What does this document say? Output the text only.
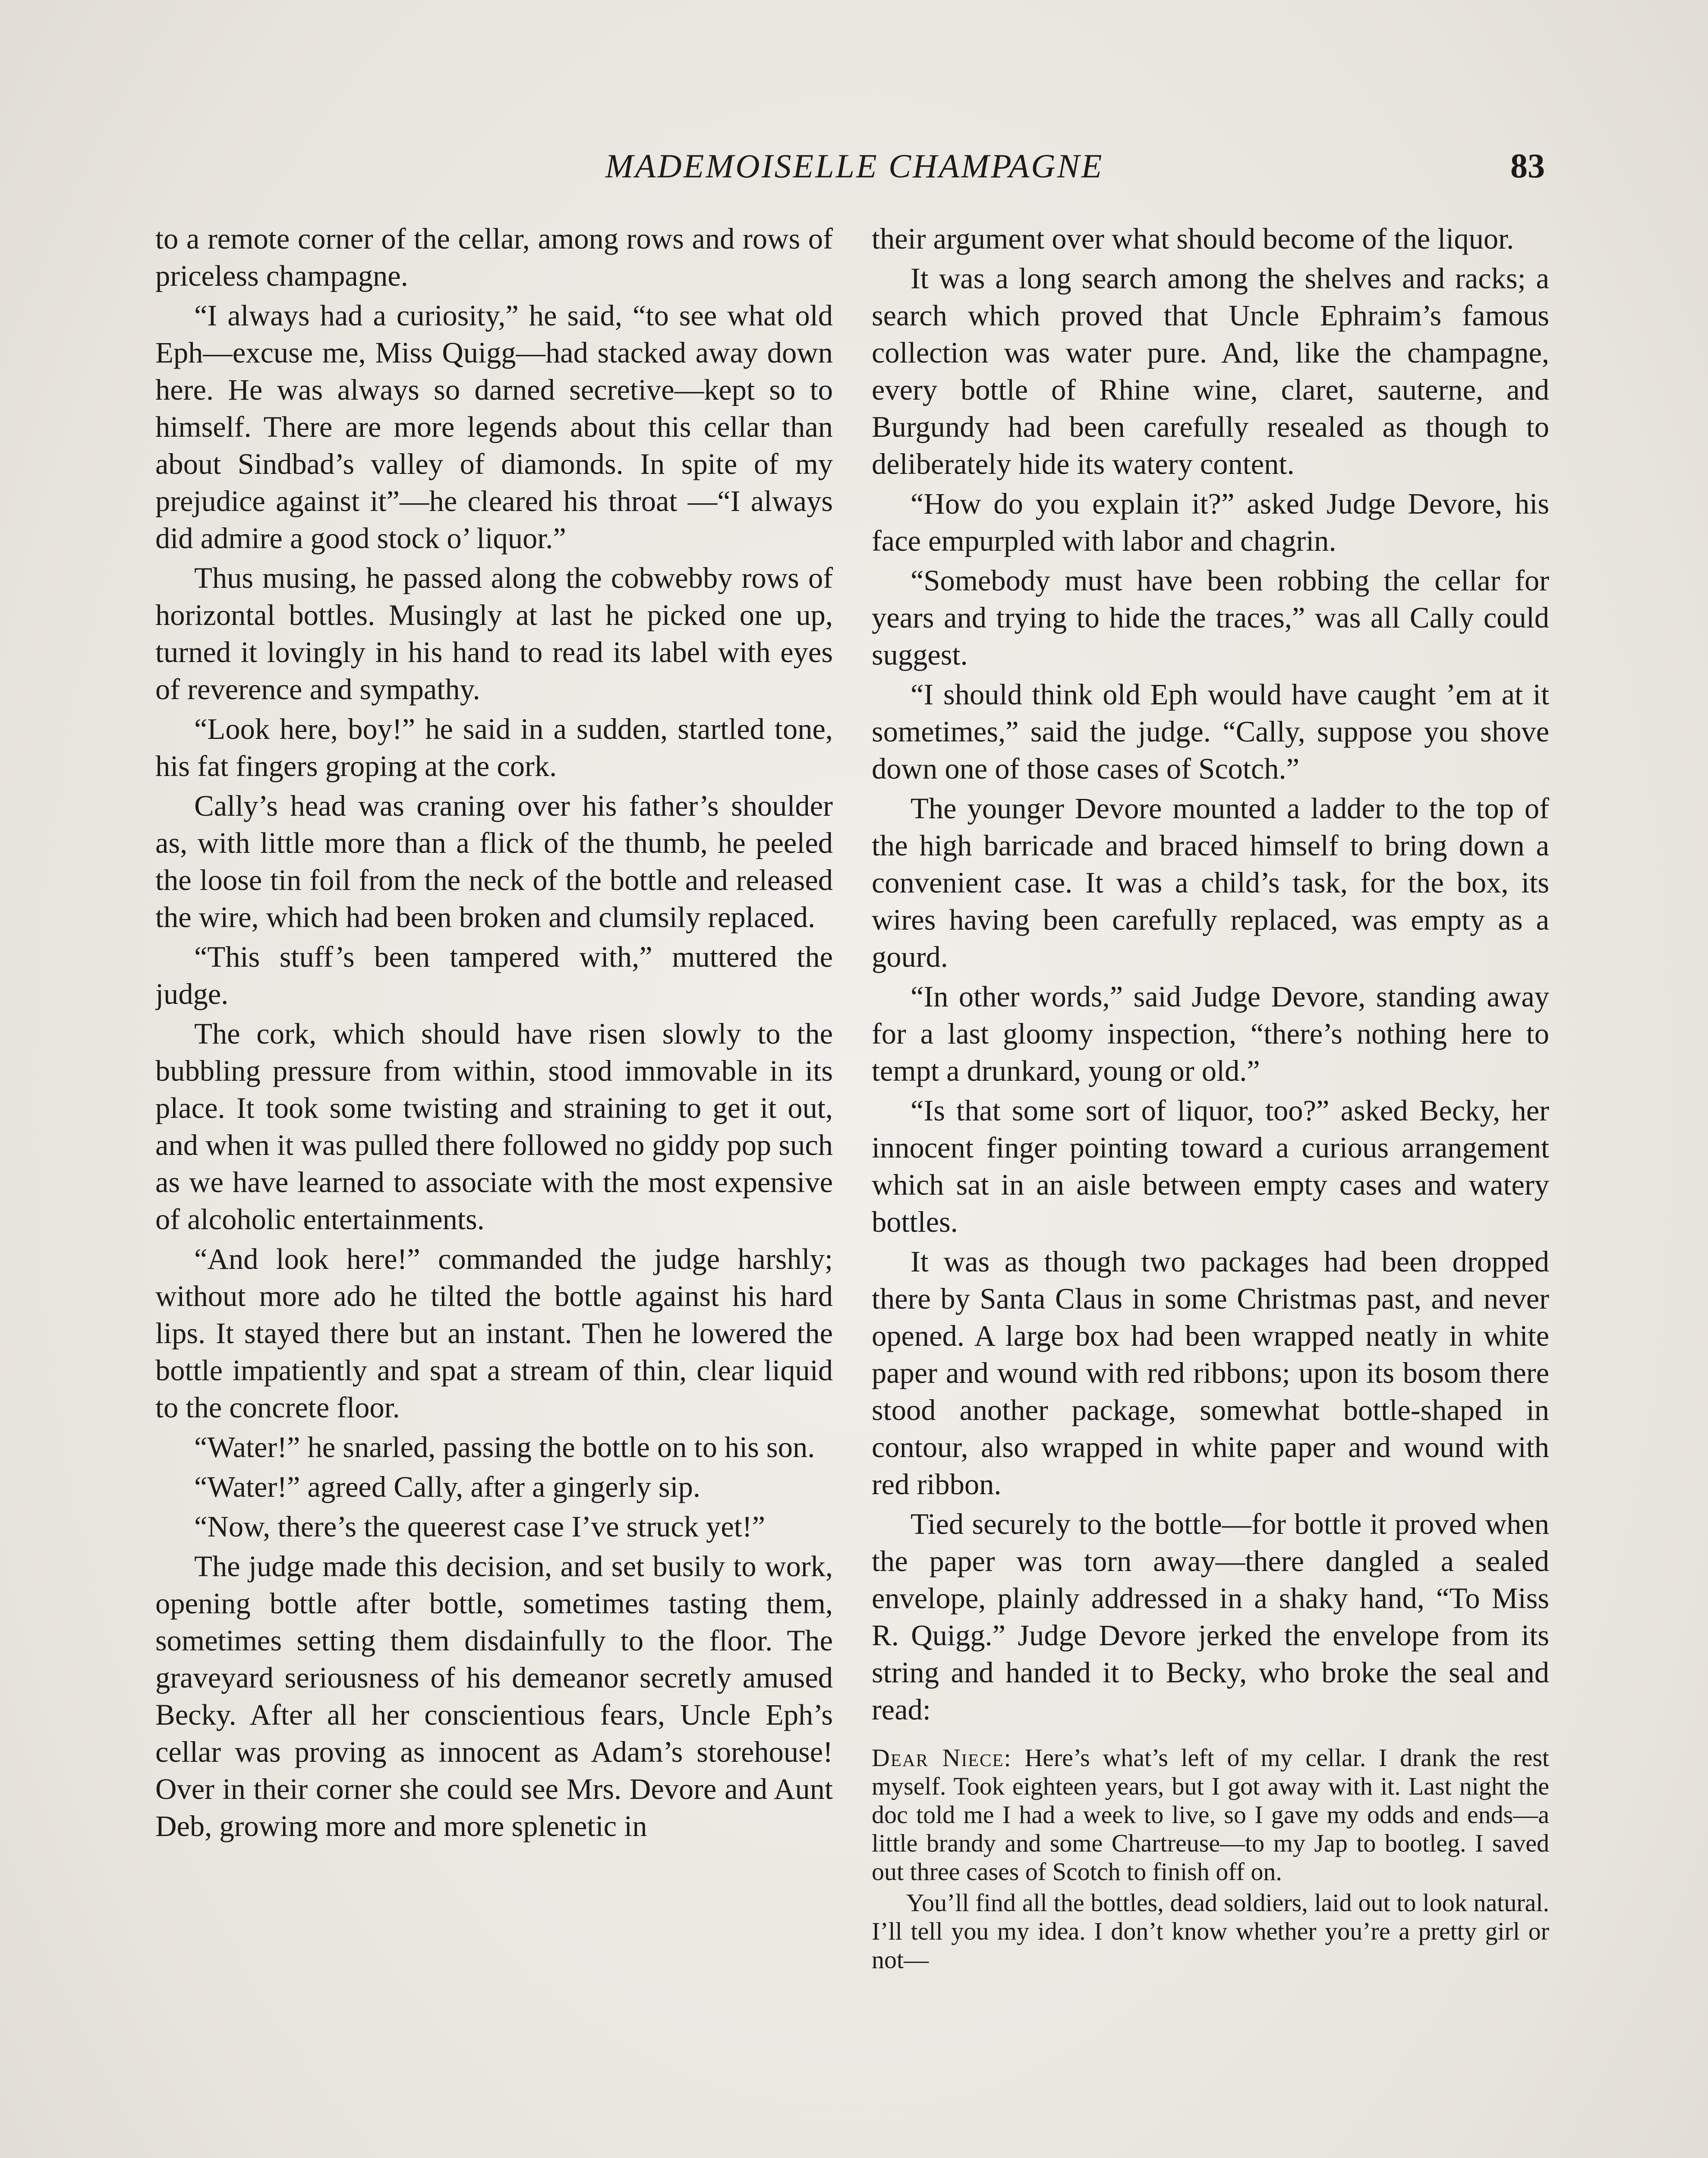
MADEMOISELLE CHAMPAGNE	83

to a remote corner of the cellar, among rows and rows of priceless champagne.

“I always had a curiosity,” he said, “to see what old Eph—excuse me, Miss Quigg—had stacked away down here. He was always so darned secretive—kept so to himself. There are more legends about this cellar than about Sindbad’s valley of diamonds. In spite of my prejudice against it”—he cleared his throat —“I always did admire a good stock o’ liquor.”

Thus musing, he passed along the cobwebby rows of horizontal bottles. Musingly at last he picked one up, turned it lovingly in his hand to read its label with eyes of reverence and sympathy.

“Look here, boy!” he said in a sudden, startled tone, his fat fingers groping at the cork.

Cally’s head was craning over his father’s shoulder as, with little more than a flick of the thumb, he peeled the loose tin foil from the neck of the bottle and released the wire, which had been broken and clumsily replaced.

“This stuff’s been tampered with,” muttered the judge.

The cork, which should have risen slowly to the bubbling pressure from within, stood immovable in its place. It took some twisting and straining to get it out, and when it was pulled there followed no giddy pop such as we have learned to associate with the most expensive of alcoholic entertainments.

“And look here!” commanded the judge harshly; without more ado he tilted the bottle against his hard lips. It stayed there but an instant. Then he lowered the bottle impatiently and spat a stream of thin, clear liquid to the concrete floor.

“Water!” he snarled, passing the bottle on to his son.

“Water!” agreed Cally, after a gingerly sip.

“Now, there’s the queerest case I’ve struck yet!”

The judge made this decision, and set busily to work, opening bottle after bottle, sometimes tasting them, sometimes setting them disdainfully to the floor. The graveyard seriousness of his demeanor secretly amused Becky. After all her conscientious fears, Uncle Eph’s cellar was proving as innocent as Adam’s storehouse! Over in their corner she could see Mrs. Devore and Aunt Deb, growing more and more splenetic in

their argument over what should become of the liquor.

It was a long search among the shelves and racks; a search which proved that Uncle Ephraim’s famous collection was water pure. And, like the champagne, every bottle of Rhine wine, claret, sauterne, and Burgundy had been carefully resealed as though to deliberately hide its watery content.

“How do you explain it?” asked Judge Devore, his face empurpled with labor and chagrin.

“Somebody must have been robbing the cellar for years and trying to hide the traces,” was all Cally could suggest.

“I should think old Eph would have caught ’em at it sometimes,” said the judge. “Cally, suppose you shove down one of those cases of Scotch.”

The younger Devore mounted a ladder to the top of the high barricade and braced himself to bring down a convenient case. It was a child’s task, for the box, its wires having been carefully replaced, was empty as a gourd.

“In other words,” said Judge Devore, standing away for a last gloomy inspection, “there’s nothing here to tempt a drunkard, young or old.”

“Is that some sort of liquor, too?” asked Becky, her innocent finger pointing toward a curious arrangement which sat in an aisle between empty cases and watery bottles.

It was as though two packages had been dropped there by Santa Claus in some Christmas past, and never opened. A large box had been wrapped neatly in white paper and wound with red ribbons; upon its bosom there stood another package, somewhat bottle-shaped in contour, also wrapped in white paper and wound with red ribbon.

Tied securely to the bottle—for bottle it proved when the paper was torn away—there dangled a sealed envelope, plainly addressed in a shaky hand, “To Miss R. Quigg.” Judge Devore jerked the envelope from its string and handed it to Becky, who broke the seal and read:

Dear Niece: Here’s what’s left of my cellar. I drank the rest myself. Took eighteen years, but I got away with it. Last night the doc told me I had a week to live, so I gave my odds and ends—a little brandy and some Chartreuse—to my Jap to bootleg. I saved out three cases of Scotch to finish off on.

You’ll find all the bottles, dead soldiers, laid out to look natural. I’ll tell you my idea. I don’t know whether you’re a pretty girl or not—
